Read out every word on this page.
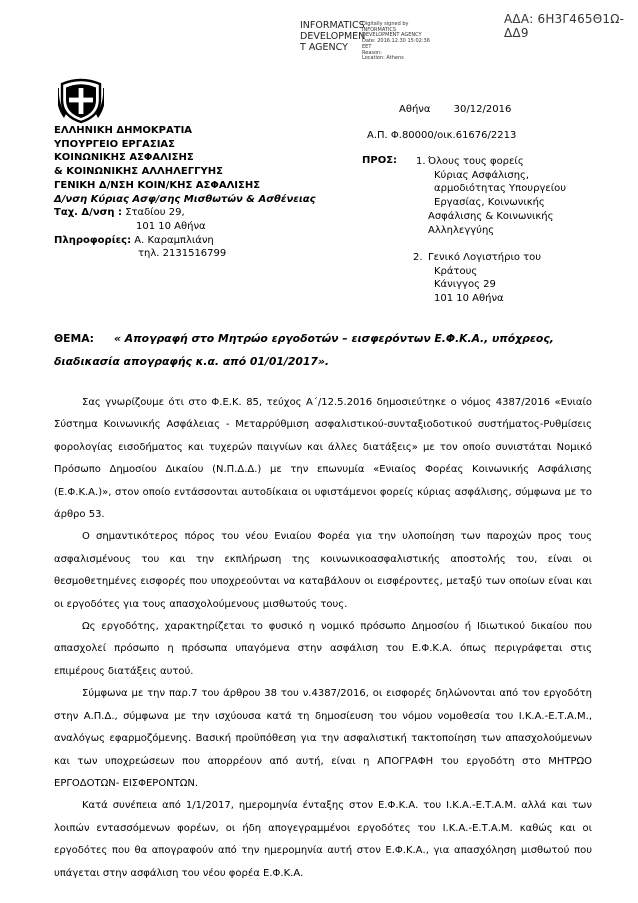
ΑΔΑ: 6Η3Γ465Θ1Ω-ΔΔ9
INFORMATICS
DEVELOPMEN
T AGENCY
Digitally signed by
INFORMATICS
DEVELOPMENT AGENCY
Date: 2016.12.30 15:02:36
EET
Reason:
Location: Athens
ΕΛΛΗΝΙΚΗ ΔΗΜΟΚΡΑΤΙΑ
ΥΠΟΥΡΓΕΙΟ ΕΡΓΑΣΙΑΣ
ΚΟΙΝΩΝΙΚΗΣ ΑΣΦΑΛΙΣΗΣ
& ΚΟΙΝΩΝΙΚΗΣ ΑΛΛΗΛΕΓΓΥΗΣ
ΓΕΝΙΚΗ Δ/ΝΣΗ ΚΟΙΝ/ΚΗΣ ΑΣΦΑΛΙΣΗΣ
Δ/νση Κύριας Ασφ/σης Μισθωτών & Ασθένειας
Ταχ. Δ/νση : Σταδίου 29,
101 10 Αθήνα
Πληροφορίες: Α. Καραμπλιάνη
τηλ. 2131516799
Αθήνα 30/12/2016
Α.Π. Φ.80000/οικ.61676/2213
ΠΡΟΣ: 1. Όλους τους φορείς
Κύριας Ασφάλισης,
αρμοδιότητας Υπουργείου
Εργασίας, Κοινωνικής
Ασφάλισης & Κοινωνικής
Αλληλεγγύης
2. Γενικό Λογιστήριο του
Κράτους
Κάνιγγος 29
101 10 Αθήνα
ΘΕΜΑ: « Απογραφή στο Μητρώο εργοδοτών – εισφερόντων Ε.Φ.Κ.Α., υπόχρεος, διαδικασία απογραφής κ.α. από 01/01/2017».

Σας γνωρίζουμε ότι στο Φ.Ε.Κ. 85, τεύχος Α΄/12.5.2016 δημοσιεύτηκε ο νόμος 4387/2016 «Ενιαίο Σύστημα Κοινωνικής Ασφάλειας - Μεταρρύθμιση ασφαλιστικού-συνταξιοδοτικού συστήματος-Ρυθμίσεις φορολογίας εισοδήματος και τυχερών παιγνίων και άλλες διατάξεις» με τον οποίο συνιστάται Νομικό Πρόσωπο Δημοσίου Δικαίου (Ν.Π.Δ.Δ.) με την επωνυμία «Ενιαίος Φορέας Κοινωνικής Ασφάλισης (Ε.Φ.Κ.Α.)», στον οποίο εντάσσονται αυτοδίκαια οι υφιστάμενοι φορείς κύριας ασφάλισης, σύμφωνα με το άρθρο 53.

Ο σημαντικότερος πόρος του νέου Ενιαίου Φορέα για την υλοποίηση των παροχών προς τους ασφαλισμένους του και την εκπλήρωση της κοινωνικοασφαλιστικής αποστολής του, είναι οι θεσμοθετημένες εισφορές που υποχρεούνται να καταβάλουν οι εισφέροντες, μεταξύ των οποίων είναι και οι εργοδότες για τους απασχολούμενους μισθωτούς τους.

Ως εργοδότης, χαρακτηρίζεται το φυσικό η νομικό πρόσωπο Δημοσίου ή Ιδιωτικού δικαίου που απασχολεί πρόσωπο η πρόσωπα υπαγόμενα στην ασφάλιση του Ε.Φ.Κ.Α. όπως περιγράφεται στις επιμέρους διατάξεις αυτού.

Σύμφωνα με την παρ.7 του άρθρου 38 του ν.4387/2016, οι εισφορές δηλώνονται από τον εργοδότη στην Α.Π.Δ., σύμφωνα με την ισχύουσα κατά τη δημοσίευση του νόμου νομοθεσία του Ι.Κ.Α.-Ε.Τ.Α.Μ., αναλόγως εφαρμοζόμενης. Βασική προϋπόθεση για την ασφαλιστική τακτοποίηση των απασχολούμενων και των υποχρεώσεων που απορρέουν από αυτή, είναι η ΑΠΟΓΡΑΦΗ του εργοδότη στο ΜΗΤΡΩΟ ΕΡΓΟΔΟΤΩΝ- ΕΙΣΦΕΡΟΝΤΩΝ.

Κατά συνέπεια από 1/1/2017, ημερομηνία ένταξης στον Ε.Φ.Κ.Α. του Ι.Κ.Α.-Ε.Τ.Α.Μ. αλλά και των λοιπών εντασσόμενων φορέων, οι ήδη απογεγραμμένοι εργοδότες του Ι.Κ.Α.-Ε.Τ.Α.Μ. καθώς και οι εργοδότες που θα απογραφούν από την ημερομηνία αυτή στον Ε.Φ.Κ.Α., για απασχόληση μισθωτού που υπάγεται στην ασφάλιση του νέου φορέα Ε.Φ.Κ.Α.
